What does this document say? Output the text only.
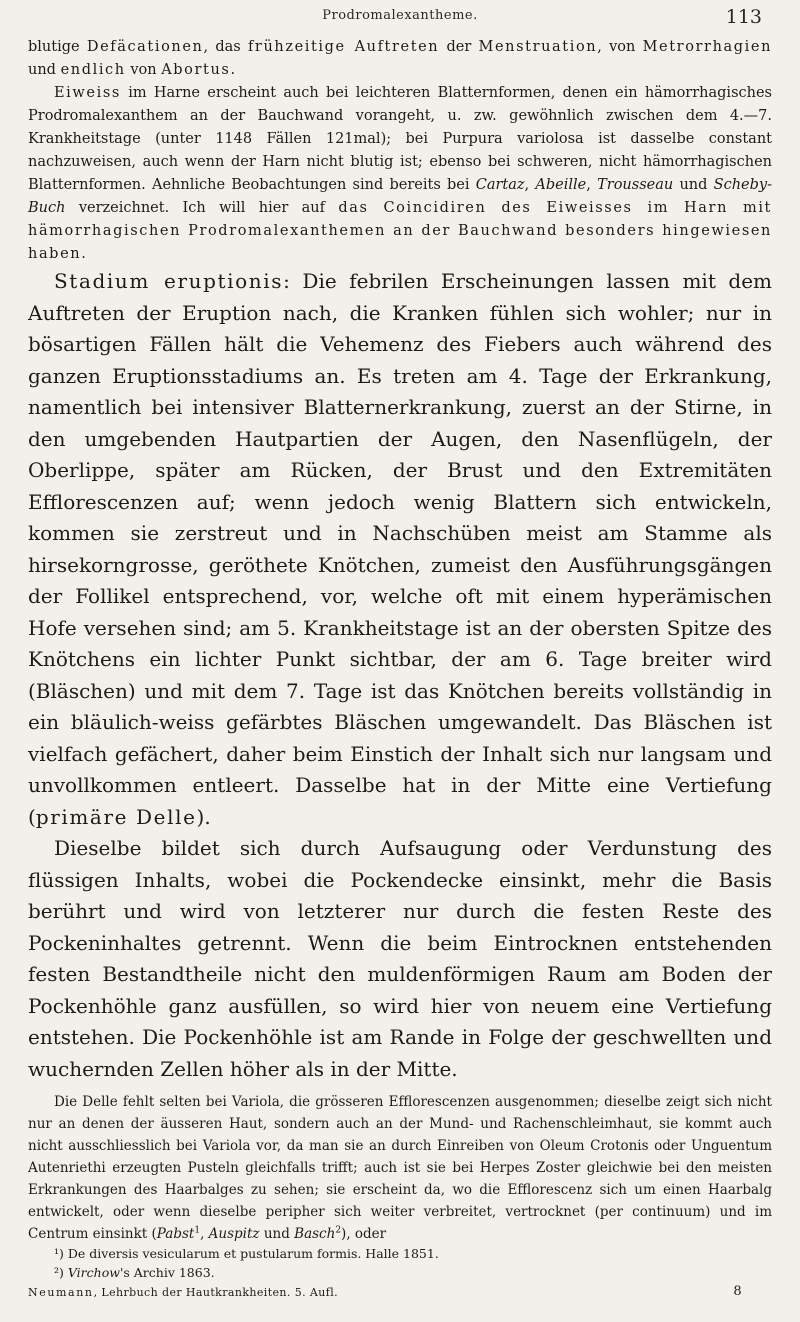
Prodromalexantheme.	113

blutige Defäcationen, das frühzeitige Auftreten der Menstruation, von Metrorrhagien und endlich von Abortus.

Eiweiss im Harne erscheint auch bei leichteren Blatternformen, denen ein hämorrhagisches Prodromalexanthem an der Bauchwand vorangeht, u. zw. gewöhnlich zwischen dem 4.—7. Krankheitstage (unter 1148 Fällen 121mal); bei Purpura variolosa ist dasselbe constant nachzuweisen, auch wenn der Harn nicht blutig ist; ebenso bei schweren, nicht hämorrhagischen Blatternformen. Aehnliche Beobachtungen sind bereits bei Cartaz, Abeille, Trousseau und Scheby-Buch verzeichnet. Ich will hier auf das Coincidiren des Eiweisses im Harn mit hämorrhagischen Prodromalexanthemen an der Bauchwand besonders hingewiesen haben.

Stadium eruptionis: Die febrilen Erscheinungen lassen mit dem Auftreten der Eruption nach, die Kranken fühlen sich wohler; nur in bösartigen Fällen hält die Vehemenz des Fiebers auch während des ganzen Eruptionsstadiums an. Es treten am 4. Tage der Erkrankung, namentlich bei intensiver Blatternerkrankung, zuerst an der Stirne, in den umgebenden Hautpartien der Augen, den Nasenflügeln, der Oberlippe, später am Rücken, der Brust und den Extremitäten Efflorescenzen auf; wenn jedoch wenig Blattern sich entwickeln, kommen sie zerstreut und in Nachschüben meist am Stamme als hirsekorngrosse, geröthete Knötchen, zumeist den Ausführungsgängen der Follikel entsprechend, vor, welche oft mit einem hyperämischen Hofe versehen sind; am 5. Krankheitstage ist an der obersten Spitze des Knötchens ein lichter Punkt sichtbar, der am 6. Tage breiter wird (Bläschen) und mit dem 7. Tage ist das Knötchen bereits vollständig in ein bläulich-weiss gefärbtes Bläschen umgewandelt. Das Bläschen ist vielfach gefächert, daher beim Einstich der Inhalt sich nur langsam und unvollkommen entleert. Dasselbe hat in der Mitte eine Vertiefung (primäre Delle).

Dieselbe bildet sich durch Aufsaugung oder Verdunstung des flüssigen Inhalts, wobei die Pockendecke einsinkt, mehr die Basis berührt und wird von letzterer nur durch die festen Reste des Pockeninhaltes getrennt. Wenn die beim Eintrocknen entstehenden festen Bestandtheile nicht den muldenförmigen Raum am Boden der Pockenhöhle ganz ausfüllen, so wird hier von neuem eine Vertiefung entstehen. Die Pockenhöhle ist am Rande in Folge der geschwellten und wuchernden Zellen höher als in der Mitte.

Die Delle fehlt selten bei Variola, die grösseren Efflorescenzen ausgenommen; dieselbe zeigt sich nicht nur an denen der äusseren Haut, sondern auch an der Mund- und Rachenschleimhaut, sie kommt auch nicht ausschliesslich bei Variola vor, da man sie an durch Einreiben von Oleum Crotonis oder Unguentum Autenriethi erzeugten Pusteln gleichfalls trifft; auch ist sie bei Herpes Zoster gleichwie bei den meisten Erkrankungen des Haarbalges zu sehen; sie erscheint da, wo die Efflorescenz sich um einen Haarbalg entwickelt, oder wenn dieselbe peripher sich weiter verbreitet, vertrocknet (per continuum) und im Centrum einsinkt (Pabst$^1$, Auspitz und Basch$^2$), oder

¹) De diversis vesicularum et pustularum formis. Halle 1851.
²) Virchow's Archiv 1863.
Neumann, Lehrbuch der Hautkrankheiten. 5. Aufl.	8
